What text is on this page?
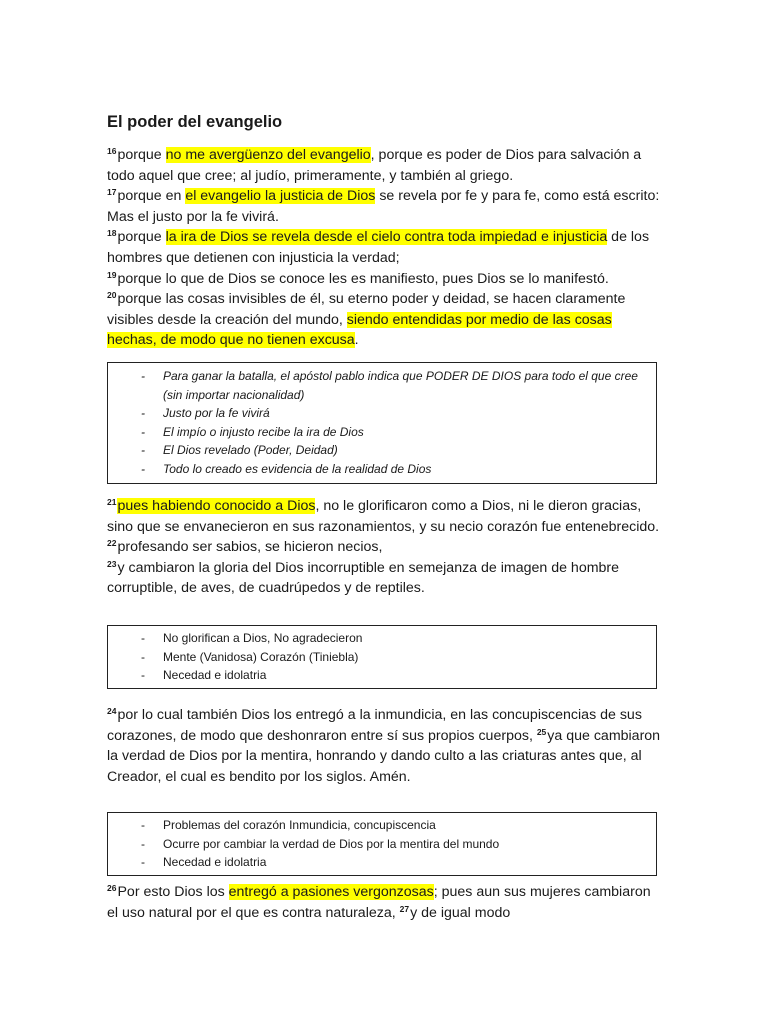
El poder del evangelio

$^{16}$porque no me avergüenzo del evangelio, porque es poder de Dios para salvación a todo aquel que cree; al judío, primeramente, y también al griego.

$^{17}$porque en el evangelio la justicia de Dios se revela por fe y para fe, como está escrito: Mas el justo por la fe vivirá.

$^{18}$porque la ira de Dios se revela desde el cielo contra toda impiedad e injusticia de los hombres que detienen con injusticia la verdad;

$^{19}$porque lo que de Dios se conoce les es manifiesto, pues Dios se lo manifestó.

$^{20}$porque las cosas invisibles de él, su eterno poder y deidad, se hacen claramente visibles desde la creación del mundo, siendo entendidas por medio de las cosas hechas, de modo que no tienen excusa.

- Para ganar la batalla, el apóstol pablo indica que PODER DE DIOS para todo el que cree (sin importar nacionalidad)
- Justo por la fe vivirá
- El impío o injusto recibe la ira de Dios
- El Dios revelado (Poder, Deidad)
- Todo lo creado es evidencia de la realidad de Dios

$^{21}$pues habiendo conocido a Dios, no le glorificaron como a Dios, ni le dieron gracias, sino que se envanecieron en sus razonamientos, y su necio corazón fue entenebrecido.

$^{22}$profesando ser sabios, se hicieron necios,

$^{23}$y cambiaron la gloria del Dios incorruptible en semejanza de imagen de hombre corruptible, de aves, de cuadrúpedos y de reptiles.

- No glorifican a Dios, No agradecieron
- Mente (Vanidosa) Corazón (Tiniebla)
- Necedad e idolatria

$^{24}$por lo cual también Dios los entregó a la inmundicia, en las concupiscencias de sus corazones, de modo que deshonraron entre sí sus propios cuerpos, $^{25}$ya que cambiaron la verdad de Dios por la mentira, honrando y dando culto a las criaturas antes que, al Creador, el cual es bendito por los siglos. Amén.

- Problemas del corazón Inmundicia, concupiscencia
- Ocurre por cambiar la verdad de Dios por la mentira del mundo
- Necedad e idolatria

$^{26}$Por esto Dios los entregó a pasiones vergonzosas; pues aun sus mujeres cambiaron el uso natural por el que es contra naturaleza, $^{27}$y de igual modo
